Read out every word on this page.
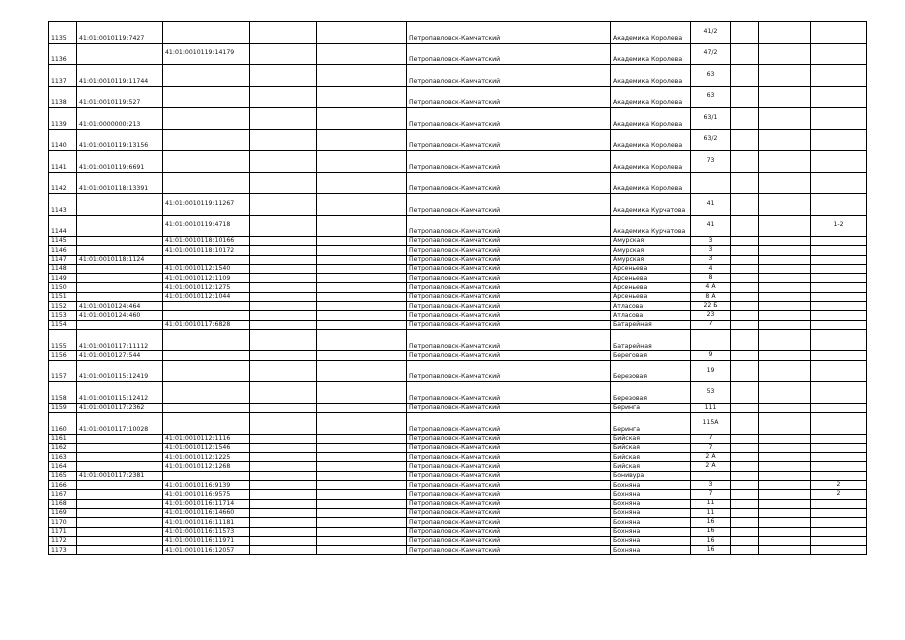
1135	41:01:0010119:7427				Петропавловск-Камчатский	Академика Королева	41/2			
1136		41:01:0010119:14179			Петропавловск-Камчатский	Академика Королева	47/2			
1137	41:01:0010119:11744				Петропавловск-Камчатский	Академика Королева	63			
1138	41:01:0010119:527				Петропавловск-Камчатский	Академика Королева	63			
1139	41:01:0000000:213				Петропавловск-Камчатский	Академика Королева	63/1			
1140	41:01:0010119:13156				Петропавловск-Камчатский	Академика Королева	63/2			
1141	41:01:0010119:6691				Петропавловск-Камчатский	Академика Королева	73			
1142	41:01:0010118:13391				Петропавловск-Камчатский	Академика Королева				
1143		41:01:0010119:11267			Петропавловск-Камчатский	Академика Курчатова	41			
1144		41:01:0010119:4718			Петропавловск-Камчатский	Академика Курчатова	41			1-2
1145		41:01:0010118:10166			Петропавловск-Камчатский	Амурская	3			
1146		41:01:0010118:10172			Петропавловск-Камчатский	Амурская	3			
1147	41:01:0010118:1124				Петропавловск-Камчатский	Амурская	3			
1148		41:01:0010112:1540			Петропавловск-Камчатский	Арсеньева	4			
1149		41:01:0010112:1109			Петропавловск-Камчатский	Арсеньева	8			
1150		41:01:0010112:1275			Петропавловск-Камчатский	Арсеньева	4 А			
1151		41:01:0010112:1044			Петропавловск-Камчатский	Арсеньева	8 А			
1152	41:01:0010124:464				Петропавловск-Камчатский	Атласова	22 Б			
1153	41:01:0010124:460				Петропавловск-Камчатский	Атласова	23			
1154		41:01:0010117:6828			Петропавловск-Камчатский	Батарейная	7			
1155	41:01:0010117:11112				Петропавловск-Камчатский	Батарейная				
1156	41:01:0010127:544				Петропавловск-Камчатский	Береговая	9			
1157	41:01:0010115:12419				Петропавловск-Камчатский	Березовая	19			
1158	41:01:0010115:12412				Петропавловск-Камчатский	Березовая	53			
1159	41:01:0010117:2362				Петропавловск-Камчатский	Беринга	111			
1160	41:01:0010117:10028				Петропавловск-Камчатский	Беринга	115А			
1161		41:01:0010112:1116			Петропавловск-Камчатский	Бийская	7			
1162		41:01:0010112:1546			Петропавловск-Камчатский	Бийская	7			
1163		41:01:0010112:1225			Петропавловск-Камчатский	Бийская	2 А			
1164		41:01:0010112:1268			Петропавловск-Камчатский	Бийская	2 А			
1165	41:01:0010117:2381				Петропавловск-Камчатский	Бонивура				
1166		41:01:0010116:9139			Петропавловск-Камчатский	Бохняна	3			2
1167		41:01:0010116:9575			Петропавловск-Камчатский	Бохняна	7			2
1168		41:01:0010116:11714			Петропавловск-Камчатский	Бохняна	11			
1169		41:01:0010116:14660			Петропавловск-Камчатский	Бохняна	11			
1170		41:01:0010116:11181			Петропавловск-Камчатский	Бохняна	16			
1171		41:01:0010116:11573			Петропавловск-Камчатский	Бохняна	16			
1172		41:01:0010116:11971			Петропавловск-Камчатский	Бохняна	16			
1173		41:01:0010116:12057			Петропавловск-Камчатский	Бохняна	16			
